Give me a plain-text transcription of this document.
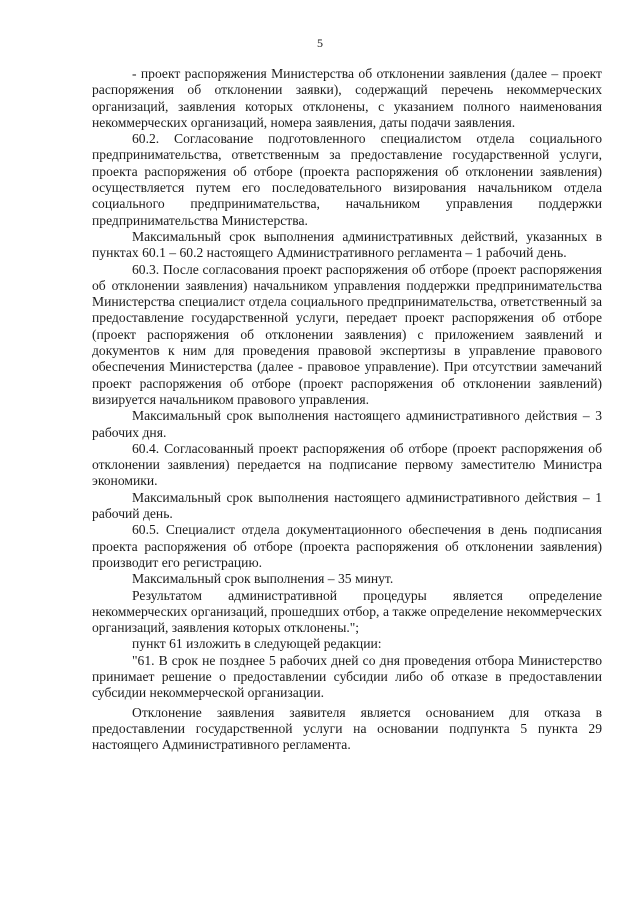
5

- проект распоряжения Министерства об отклонении заявления (далее – проект распоряжения об отклонении заявки), содержащий перечень некоммерческих организаций, заявления которых отклонены, с указанием полного наименования некоммерческих организаций, номера заявления, даты подачи заявления.

60.2. Согласование подготовленного специалистом отдела социального предпринимательства, ответственным за предоставление государственной услуги, проекта распоряжения об отборе (проекта распоряжения об отклонении заявления) осуществляется путем его последовательного визирования начальником отдела социального предпринимательства, начальником управления поддержки предпринимательства Министерства.

Максимальный срок выполнения административных действий, указанных в пунктах 60.1 – 60.2 настоящего Административного регламента – 1 рабочий день.

60.3. После согласования проект распоряжения об отборе (проект распоряжения об отклонении заявления) начальником управления поддержки предпринимательства Министерства специалист отдела социального предпринимательства, ответственный за предоставление государственной услуги, передает проект распоряжения об отборе (проект распоряжения об отклонении заявления) с приложением заявлений и документов к ним для проведения правовой экспертизы в управление правового обеспечения Министерства (далее - правовое управление). При отсутствии замечаний проект распоряжения об отборе (проект распоряжения об отклонении заявлений) визируется начальником правового управления.

Максимальный срок выполнения настоящего административного действия – 3 рабочих дня.

60.4. Согласованный проект распоряжения об отборе (проект распоряжения об отклонении заявления) передается на подписание первому заместителю Министра экономики.

Максимальный срок выполнения настоящего административного действия – 1 рабочий день.

60.5. Специалист отдела документационного обеспечения в день подписания проекта распоряжения об отборе (проекта распоряжения об отклонении заявления) производит его регистрацию.

Максимальный срок выполнения – 35 минут.

Результатом административной процедуры является определение некоммерческих организаций, прошедших отбор, а также определение некоммерческих организаций, заявления которых отклонены.";

пункт 61 изложить в следующей редакции:

"61. В срок не позднее 5 рабочих дней со дня проведения отбора Министерство принимает решение о предоставлении субсидии либо об отказе в предоставлении субсидии некоммерческой организации.

Отклонение заявления заявителя является основанием для отказа в предоставлении государственной услуги на основании подпункта 5 пункта 29 настоящего Административного регламента.
